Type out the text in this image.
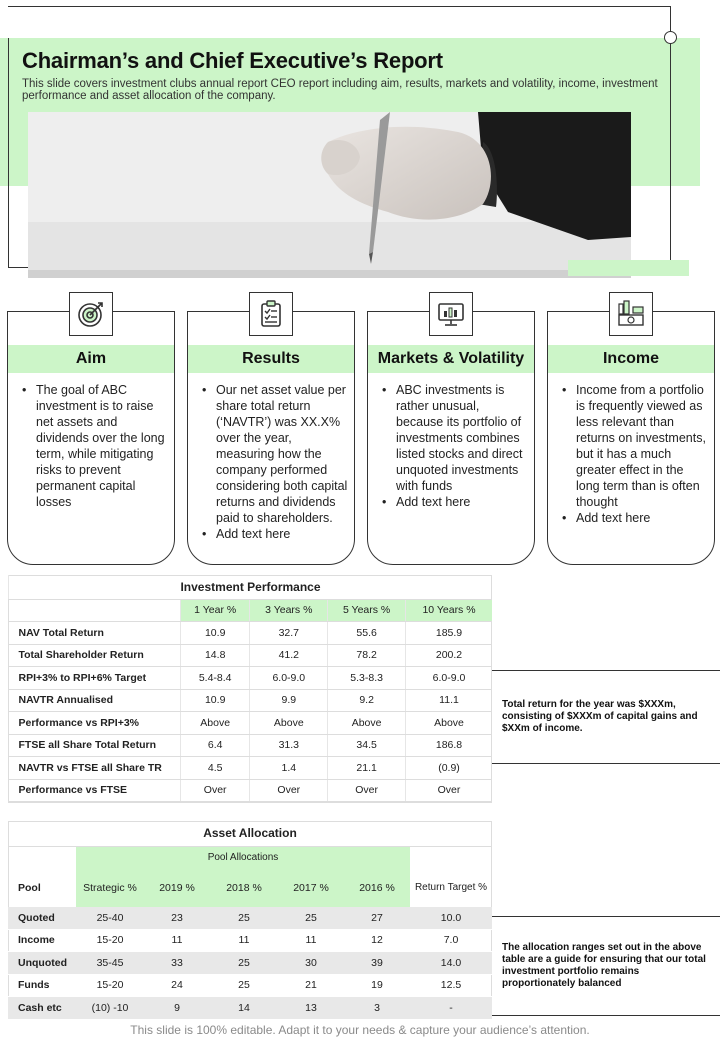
Chairman’s and Chief Executive’s Report

This slide covers investment clubs annual report CEO report including aim, results, markets and volatility, income, investment performance and asset allocation of the company.

Aim
• The goal of ABC investment is to raise net assets and dividends over the long term, while mitigating risks to prevent permanent capital losses
Results
• Our net asset value per share total return (‘NAVTR’) was XX.X% over the year, measuring how the company performed considering both capital returns and dividends paid to shareholders.
• Add text here
Markets & Volatility
• ABC investments is rather unusual, because its portfolio of investments combines listed stocks and direct unquoted investments with funds
• Add text here
Income
• Income from a portfolio is frequently viewed as less relevant than returns on investments, but it has a much greater effect in the long term than is often thought
• Add text here
Investment Performance				
	1 Year %	3 Years %	5 Years %	10 Years %
NAV Total Return	10.9	32.7	55.6	185.9
Total Shareholder Return	14.8	41.2	78.2	200.2
RPI+3% to RPI+6% Target	5.4-8.4	6.0-9.0	5.3-8.3	6.0-9.0
NAVTR Annualised	10.9	9.9	9.2	11.1
Performance vs RPI+3%	Above	Above	Above	Above
FTSE all Share Total Return	6.4	31.3	34.5	186.8
NAVTR vs FTSE all Share TR	4.5	1.4	21.1	(0.9)
Performance vs FTSE	Over	Over	Over	Over
Total return for the year was $XXXm, consisting of $XXXm of capital gains and $XXm of income.
Asset Allocation						
	Pool Allocations					
Pool	Strategic %	2019 %	2018 %	2017 %	2016 %	Return Target %
Quoted	25-40	23	25	25	27	10.0
Income	15-20	11	11	11	12	7.0
Unquoted	35-45	33	25	30	39	14.0
Funds	15-20	24	25	21	19	12.5
Cash etc	(10) -10	9	14	13	3	-
The allocation ranges set out in the above table are a guide for ensuring that our total investment portfolio remains proportionately balanced
This slide is 100% editable. Adapt it to your needs & capture your audience’s attention.
